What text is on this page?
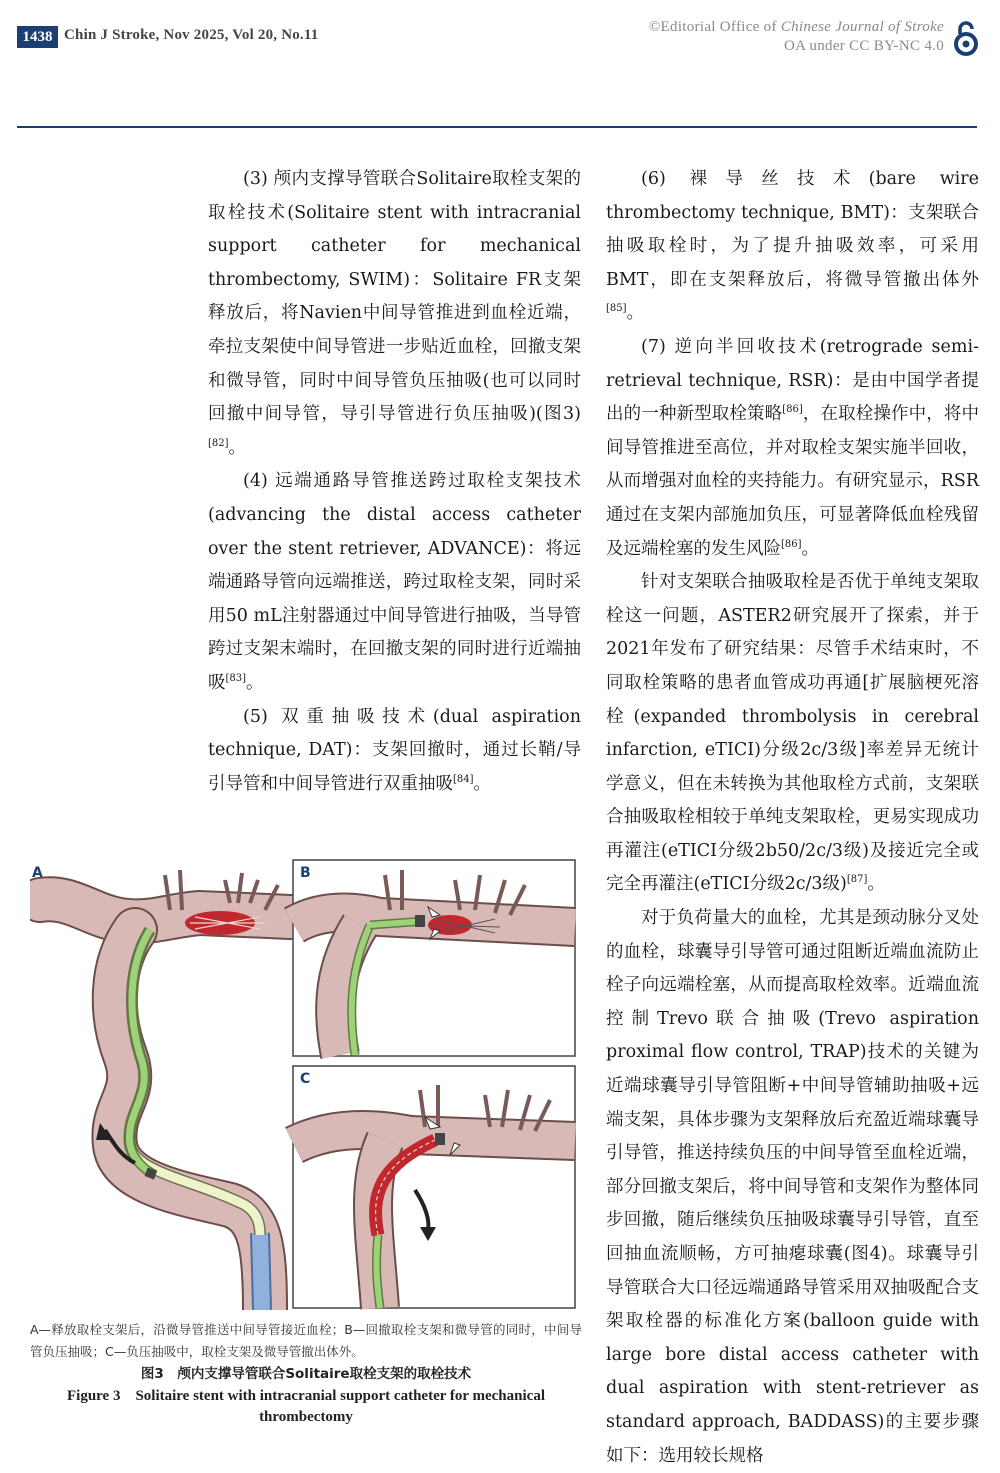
1438 Chin J Stroke, Nov 2025, Vol 20, No.11	©Editorial Office of Chinese Journal of Stroke
OA under CC BY-NC 4.0

(3) 颅内支撑导管联合Solitaire取栓支架的取栓技术(Solitaire stent with intracranial support catheter for mechanical thrombectomy, SWIM)：Solitaire FR支架释放后，将Navien中间导管推进到血栓近端，牵拉支架使中间导管进一步贴近血栓，回撤支架和微导管，同时中间导管负压抽吸(也可以同时回撤中间导管，导引导管进行负压抽吸)(图3)[82]。

(4) 远端通路导管推送跨过取栓支架技术(advancing the distal access catheter over the stent retriever, ADVANCE)：将远端通路导管向远端推送，跨过取栓支架，同时采用50 mL注射器通过中间导管进行抽吸，当导管跨过支架末端时，在回撤支架的同时进行近端抽吸[83]。

(5) 双重抽吸技术(dual aspiration technique, DAT)：支架回撤时，通过长鞘/导引导管和中间导管进行双重抽吸[84]。

(6) 裸导丝技术(bare wire thrombectomy technique, BMT)：支架联合抽吸取栓时，为了提升抽吸效率，可采用BMT，即在支架释放后，将微导管撤出体外[85]。

(7) 逆向半回收技术(retrograde semi-retrieval technique, RSR)：是由中国学者提出的一种新型取栓策略[86]，在取栓操作中，将中间导管推进至高位，并对取栓支架实施半回收，从而增强对血栓的夹持能力。有研究显示，RSR通过在支架内部施加负压，可显著降低血栓残留及远端栓塞的发生风险[86]。

针对支架联合抽吸取栓是否优于单纯支架取栓这一问题，ASTER2研究展开了探索，并于2021年发布了研究结果：尽管手术结束时，不同取栓策略的患者血管成功再通[扩展脑梗死溶栓(expanded thrombolysis in cerebral infarction, eTICI)分级2c/3级]率差异无统计学意义，但在未转换为其他取栓方式前，支架联合抽吸取栓相较于单纯支架取栓，更易实现成功再灌注(eTICI分级2b50/2c/3级)及接近完全或完全再灌注(eTICI分级2c/3级)[87]。

对于负荷量大的血栓，尤其是颈动脉分叉处的血栓，球囊导引导管可通过阻断近端血流防止栓子向远端栓塞，从而提高取栓效率。近端血流控制Trevo联合抽吸(Trevo aspiration proximal flow control, TRAP)技术的关键为近端球囊导引导管阻断+中间导管辅助抽吸+远端支架，具体步骤为支架释放后充盈近端球囊导引导管，推送持续负压的中间导管至血栓近端，部分回撤支架后，将中间导管和支架作为整体同步回撤，随后继续负压抽吸球囊导引导管，直至回抽血流顺畅，方可抽瘪球囊(图4)。球囊导引导管联合大口径远端通路导管采用双抽吸配合支架取栓器的标准化方案(balloon guide with large bore distal access catheter with dual aspiration with stent-retriever as standard approach, BADDASS)的主要步骤如下：选用较长规格

A	B
C
A—释放取栓支架后，沿微导管推送中间导管接近血栓；B—回撤取栓支架和微导管的同时，中间导管负压抽吸；C—负压抽吸中，取栓支架及微导管撤出体外。
图3　颅内支撑导管联合Solitaire取栓支架的取栓技术
Figure 3　Solitaire stent with intracranial support catheter for mechanical thrombectomy
